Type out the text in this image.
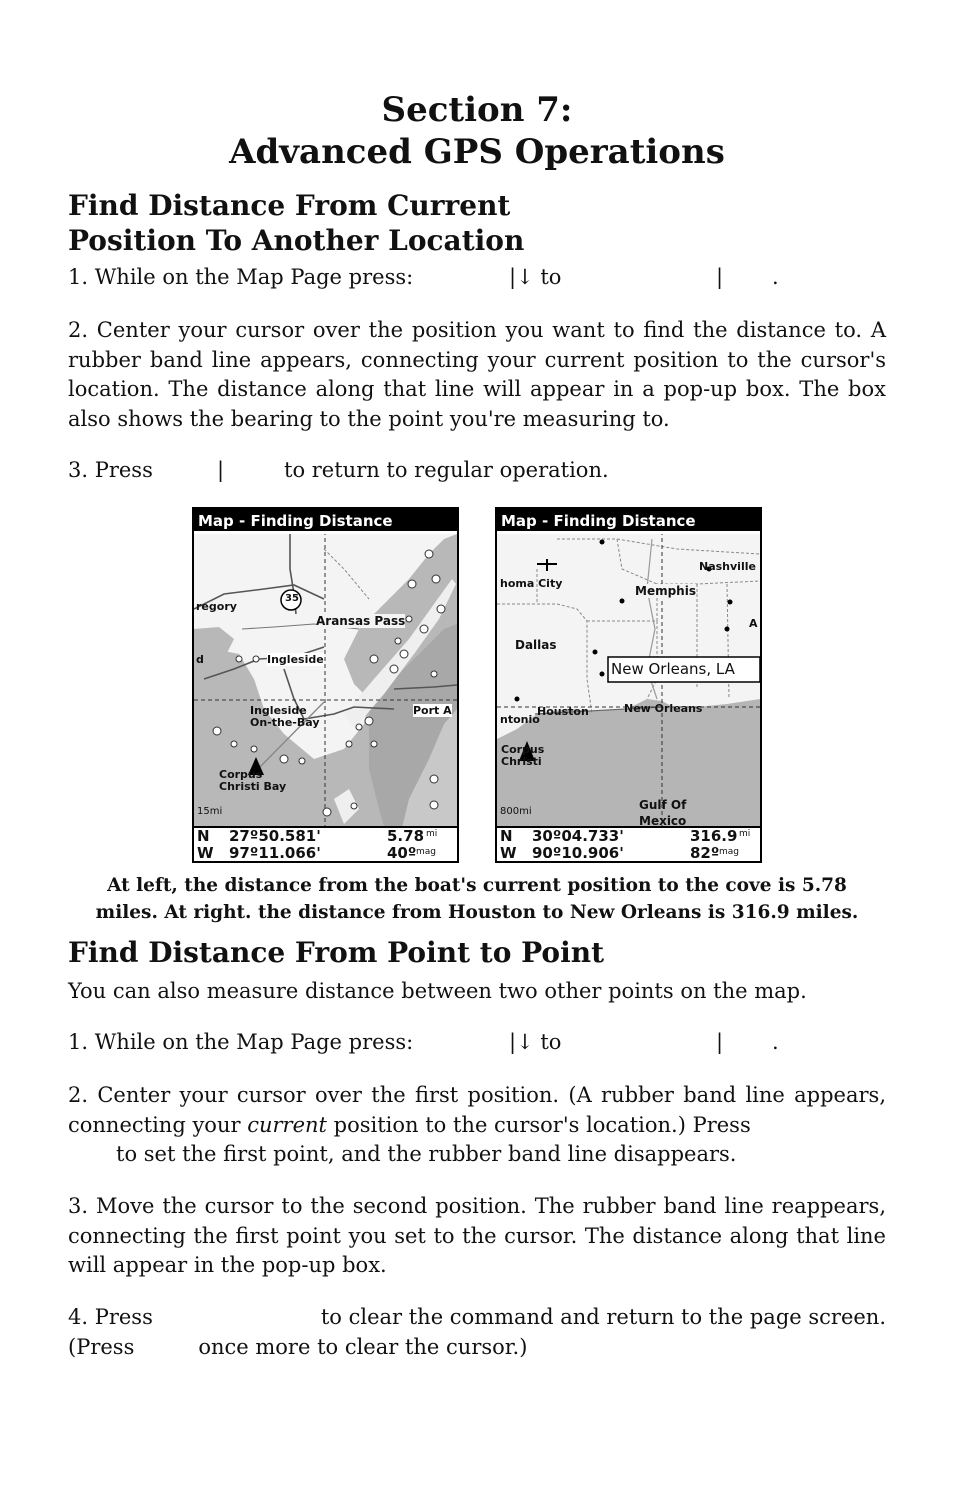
Section 7:
Advanced GPS Operations
Find Distance From Current
Position To Another Location
1. While on the Map Page press:	|↓ to	| .
2. Center your cursor over the position you want to find the distance to. A rubber band line appears, connecting your current position to the cursor's location. The distance along that line will appear in a pop-up box. The box also shows the bearing to the point you're measuring to.
3. Press	|	to return to regular operation.
Map - Finding Distance
regory
35
Aransas Pass
d	Ingleside
Ingleside
On-the-Bay
Port A
Corpus
Christi Bay
15mi
N 27º50.581'
W 97º11.066'
5.78 mi
40º mag
Map - Finding Distance
homa City
Memphis
Nashville
Dallas
A
Houston	New Orleans
ntonio
Corpus
Christi
Gulf Of
Mexico
New Orleans, LA
800mi
N 30º04.733'
W 90º10.906'
316.9 mi
82º mag
At left, the distance from the boat's current position to the cove is 5.78
miles. At right. the distance from Houston to New Orleans is 316.9 miles.
Find Distance From Point to Point
You can also measure distance between two other points on the map.
1. While on the Map Page press:	|↓ to	| .
2. Center your cursor over the first position. (A rubber band line appears, connecting your current position to the cursor's location.) Press
to set the first point, and the rubber band line disappears.
3. Move the cursor to the second position. The rubber band line reappears, connecting the first point you set to the cursor. The distance along that line will appear in the pop-up box.
4. Press	to clear the command and return to the page screen.
(Press	once more to clear the cursor.)
